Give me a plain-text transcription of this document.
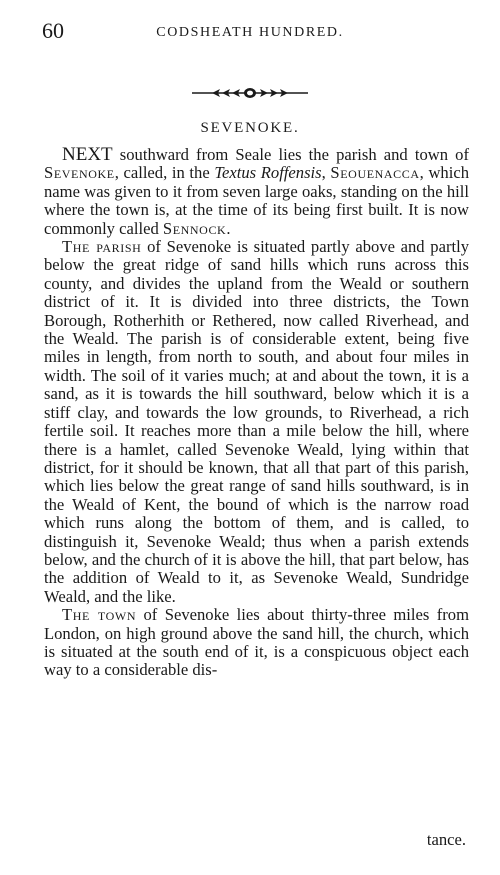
60	CODSHEATH HUNDRED.
SEVENOKE.

NEXT southward from Seale lies the parish and town of Sevenoke, called, in the Textus Roffensis, Seouenacca, which name was given to it from seven large oaks, standing on the hill where the town is, at the time of its being first built. It is now commonly called Sennock.

The parish of Sevenoke is situated partly above and partly below the great ridge of sand hills which runs across this county, and divides the upland from the Weald or southern district of it. It is divided into three districts, the Town Borough, Rotherhith or Rethered, now called Riverhead, and the Weald. The parish is of considerable extent, being five miles in length, from north to south, and about four miles in width. The soil of it varies much; at and about the town, it is a sand, as it is towards the hill southward, below which it is a stiff clay, and towards the low grounds, to Riverhead, a rich fertile soil. It reaches more than a mile below the hill, where there is a hamlet, called Sevenoke Weald, lying within that district, for it should be known, that all that part of this parish, which lies below the great range of sand hills southward, is in the Weald of Kent, the bound of which is the narrow road which runs along the bottom of them, and is called, to distinguish it, Sevenoke Weald; thus when a parish extends below, and the church of it is above the hill, that part below, has the addition of Weald to it, as Sevenoke Weald, Sundridge Weald, and the like.

The town of Sevenoke lies about thirty-three miles from London, on high ground above the sand hill, the church, which is situated at the south end of it, is a conspicuous object each way to a considerable dis-

tance.
